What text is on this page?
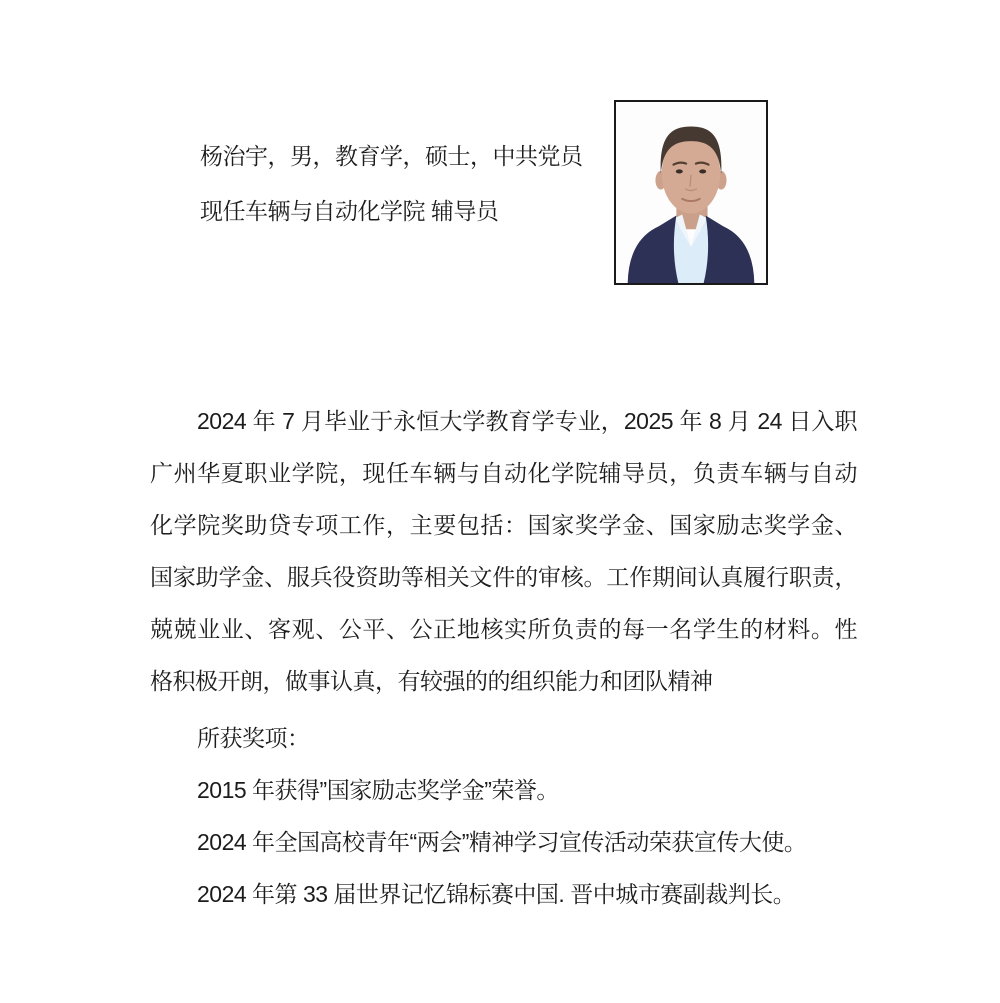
杨治宇，男，教育学，硕士，中共党员
现任车辆与自动化学院 辅导员
2024 年 7 月毕业于永恒大学教育学专业，2025 年 8 月 24 日入职
广州华夏职业学院，现任车辆与自动化学院辅导员，负责车辆与自动
化学院奖助贷专项工作，主要包括：国家奖学金、国家励志奖学金、
国家助学金、服兵役资助等相关文件的审核。工作期间认真履行职责，
兢兢业业、客观、公平、公正地核实所负责的每一名学生的材料。性
格积极开朗，做事认真，有较强的的组织能力和团队精神
所获奖项：
2015 年获得”国家励志奖学金”荣誉。
2024 年全国高校青年“两会”精神学习宣传活动荣获宣传大使。
2024 年第 33 届世界记忆锦标赛中国. 晋中城市赛副裁判长。
